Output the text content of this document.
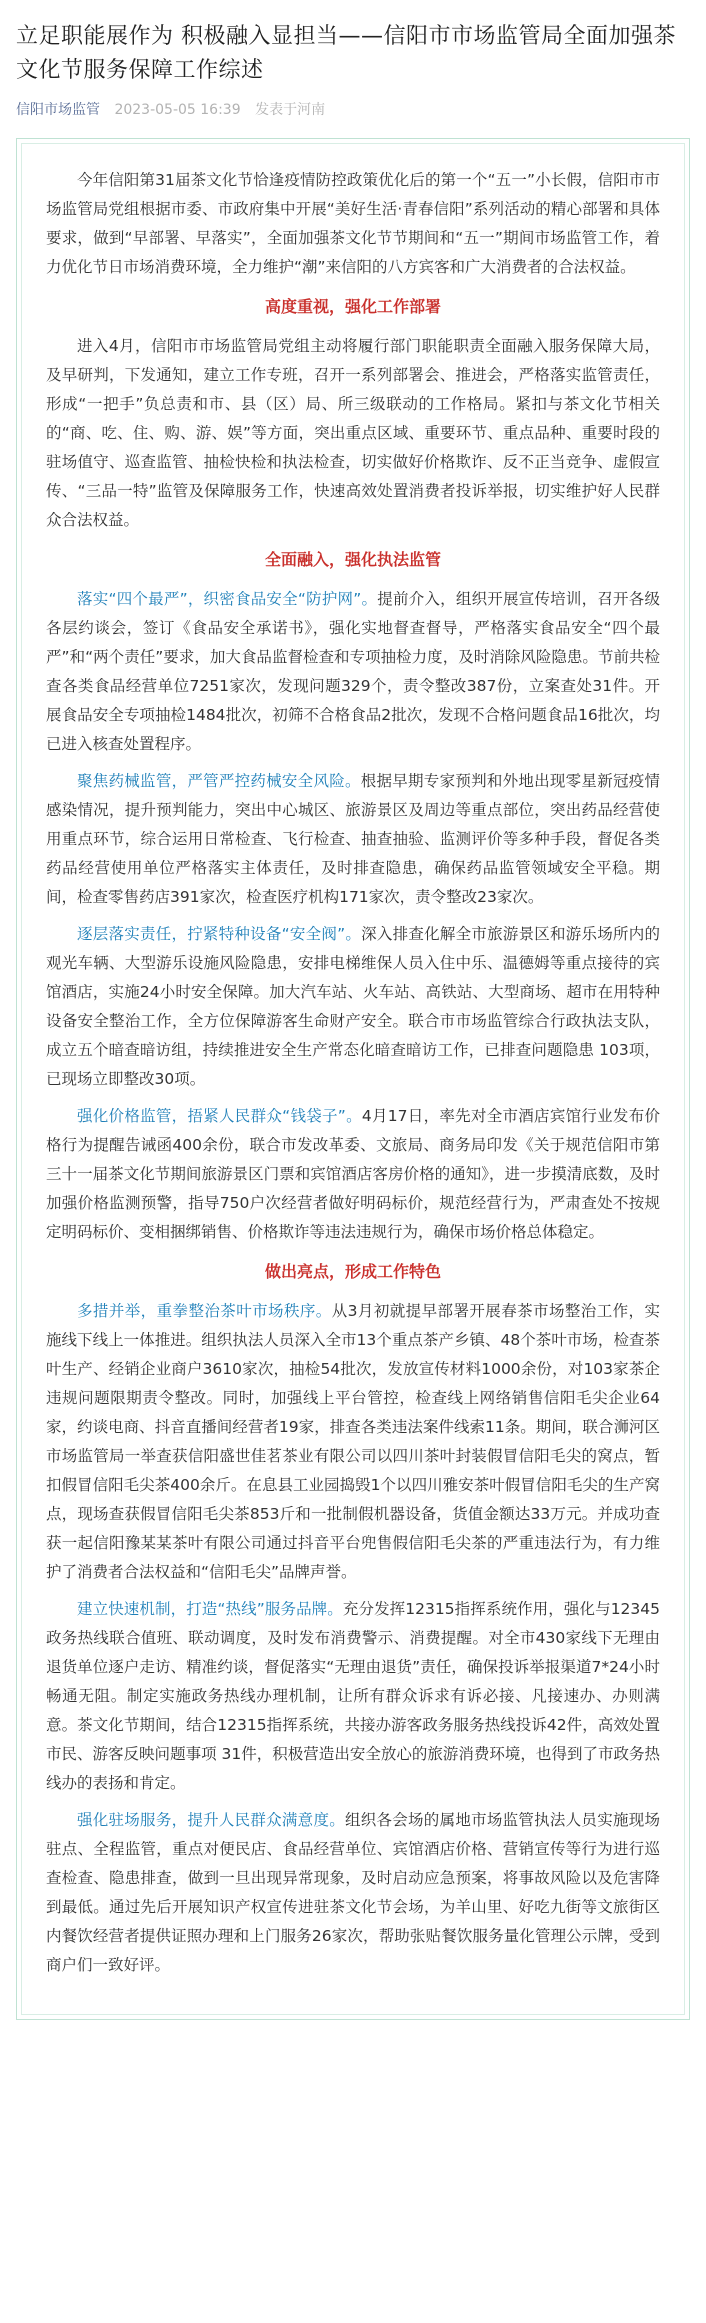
立足职能展作为 积极融入显担当——信阳市市场监管局全面加强茶文化节服务保障工作综述
信阳市场监管 2023-05-05 16:39 发表于河南

今年信阳第31届茶文化节恰逢疫情防控政策优化后的第一个“五一”小长假，信阳市市场监管局党组根据市委、市政府集中开展“美好生活·青春信阳”系列活动的精心部署和具体要求，做到“早部署、早落实”，全面加强茶文化节节期间和“五一”期间市场监管工作，着力优化节日市场消费环境，全力维护“潮”来信阳的八方宾客和广大消费者的合法权益。

高度重视，强化工作部署

进入4月，信阳市市场监管局党组主动将履行部门职能职责全面融入服务保障大局，及早研判，下发通知，建立工作专班，召开一系列部署会、推进会，严格落实监管责任，形成“一把手”负总责和市、县（区）局、所三级联动的工作格局。紧扣与茶文化节相关的“商、吃、住、购、游、娱”等方面，突出重点区域、重要环节、重点品种、重要时段的驻场值守、巡查监管、抽检快检和执法检查，切实做好价格欺诈、反不正当竞争、虚假宣传、“三品一特”监管及保障服务工作，快速高效处置消费者投诉举报，切实维护好人民群众合法权益。

全面融入，强化执法监管

落实“四个最严”，织密食品安全“防护网”。提前介入，组织开展宣传培训，召开各级各层约谈会，签订《食品安全承诺书》，强化实地督查督导，严格落实食品安全“四个最严”和“两个责任”要求，加大食品监督检查和专项抽检力度，及时消除风险隐患。节前共检查各类食品经营单位7251家次，发现问题329个，责令整改387份，立案查处31件。开展食品安全专项抽检1484批次，初筛不合格食品2批次，发现不合格问题食品16批次，均已进入核查处置程序。

聚焦药械监管，严管严控药械安全风险。根据早期专家预判和外地出现零星新冠疫情感染情况，提升预判能力，突出中心城区、旅游景区及周边等重点部位，突出药品经营使用重点环节，综合运用日常检查、飞行检查、抽查抽验、监测评价等多种手段，督促各类药品经营使用单位严格落实主体责任，及时排查隐患，确保药品监管领域安全平稳。期间，检查零售药店391家次，检查医疗机构171家次，责令整改23家次。

逐层落实责任，拧紧特种设备“安全阀”。深入排查化解全市旅游景区和游乐场所内的观光车辆、大型游乐设施风险隐患，安排电梯维保人员入住中乐、温德姆等重点接待的宾馆酒店，实施24小时安全保障。加大汽车站、火车站、高铁站、大型商场、超市在用特种设备安全整治工作，全方位保障游客生命财产安全。联合市市场监管综合行政执法支队，成立五个暗查暗访组，持续推进安全生产常态化暗查暗访工作，已排查问题隐患 103项，已现场立即整改30项。

强化价格监管，捂紧人民群众“钱袋子”。4月17日，率先对全市酒店宾馆行业发布价格行为提醒告诫函400余份，联合市发改革委、文旅局、商务局印发《关于规范信阳市第三十一届茶文化节期间旅游景区门票和宾馆酒店客房价格的通知》，进一步摸清底数，及时加强价格监测预警，指导750户次经营者做好明码标价，规范经营行为，严肃查处不按规定明码标价、变相捆绑销售、价格欺诈等违法违规行为，确保市场价格总体稳定。

做出亮点，形成工作特色

多措并举，重拳整治茶叶市场秩序。从3月初就提早部署开展春茶市场整治工作，实施线下线上一体推进。组织执法人员深入全市13个重点茶产乡镇、48个茶叶市场，检查茶叶生产、经销企业商户3610家次，抽检54批次，发放宣传材料1000余份，对103家茶企违规问题限期责令整改。同时，加强线上平台管控，检查线上网络销售信阳毛尖企业64家，约谈电商、抖音直播间经营者19家，排查各类违法案件线索11条。期间，联合浉河区市场监管局一举查获信阳盛世佳茗茶业有限公司以四川茶叶封装假冒信阳毛尖的窝点，暂扣假冒信阳毛尖茶400余斤。在息县工业园捣毁1个以四川雅安茶叶假冒信阳毛尖的生产窝点，现场查获假冒信阳毛尖茶853斤和一批制假机器设备，货值金额达33万元。并成功查获一起信阳豫某某茶叶有限公司通过抖音平台兜售假信阳毛尖茶的严重违法行为，有力维护了消费者合法权益和“信阳毛尖”品牌声誉。

建立快速机制，打造“热线”服务品牌。充分发挥12315指挥系统作用，强化与12345政务热线联合值班、联动调度，及时发布消费警示、消费提醒。对全市430家线下无理由退货单位逐户走访、精准约谈，督促落实“无理由退货”责任，确保投诉举报渠道7*24小时畅通无阻。制定实施政务热线办理机制，让所有群众诉求有诉必接、凡接速办、办则满意。茶文化节期间，结合12315指挥系统，共接办游客政务服务热线投诉42件，高效处置市民、游客反映问题事项 31件，积极营造出安全放心的旅游消费环境，也得到了市政务热线办的表扬和肯定。

强化驻场服务，提升人民群众满意度。组织各会场的属地市场监管执法人员实施现场驻点、全程监管，重点对便民店、食品经营单位、宾馆酒店价格、营销宣传等行为进行巡查检查、隐患排查，做到一旦出现异常现象，及时启动应急预案，将事故风险以及危害降到最低。通过先后开展知识产权宣传进驻茶文化节会场，为羊山里、好吃九街等文旅街区内餐饮经营者提供证照办理和上门服务26家次，帮助张贴餐饮服务量化管理公示牌，受到商户们一致好评。
